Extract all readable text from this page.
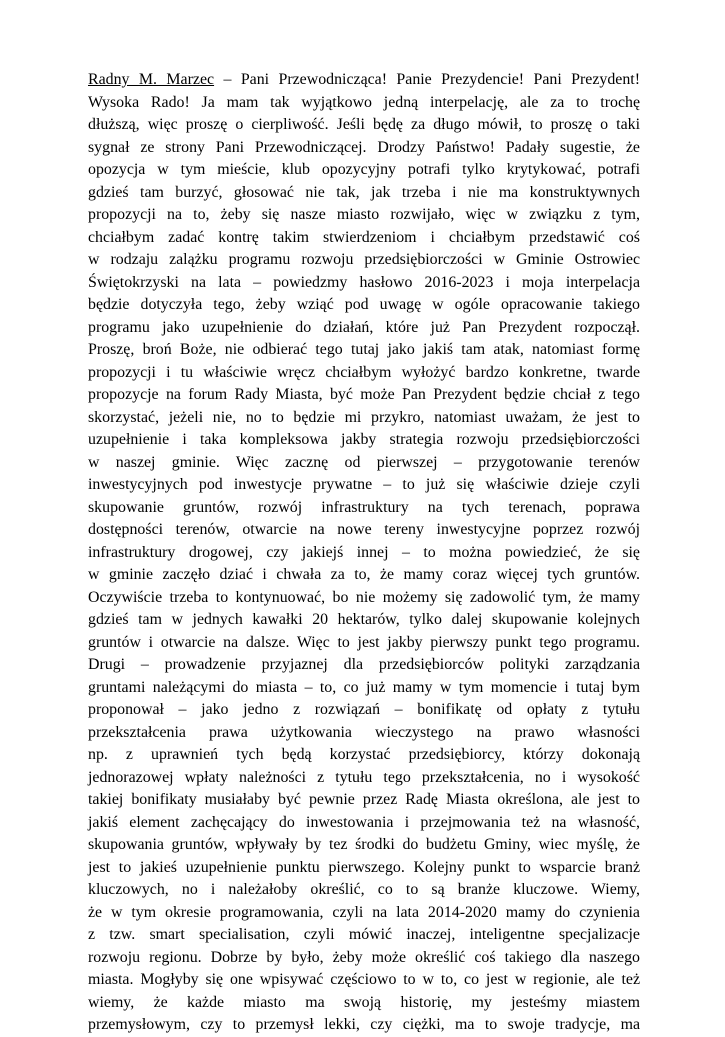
Radny M. Marzec – Pani Przewodnicząca! Panie Prezydencie! Pani Prezydent!
Wysoka Rado! Ja mam tak wyjątkowo jedną interpelację, ale za to trochę
dłuższą, więc proszę o cierpliwość. Jeśli będę za długo mówił, to proszę o taki
sygnał ze strony Pani Przewodniczącej. Drodzy Państwo! Padały sugestie, że
opozycja w tym mieście, klub opozycyjny potrafi tylko krytykować, potrafi
gdzieś tam burzyć, głosować nie tak, jak trzeba i nie ma konstruktywnych
propozycji na to, żeby się nasze miasto rozwijało, więc w związku z tym,
chciałbym zadać kontrę takim stwierdzeniom i chciałbym przedstawić coś
w rodzaju zalążku programu rozwoju przedsiębiorczości w Gminie Ostrowiec
Świętokrzyski na lata – powiedzmy hasłowo 2016-2023 i moja interpelacja
będzie dotyczyła tego, żeby wziąć pod uwagę w ogóle opracowanie takiego
programu jako uzupełnienie do działań, które już Pan Prezydent rozpoczął.
Proszę, broń Boże, nie odbierać tego tutaj jako jakiś tam atak, natomiast formę
propozycji i tu właściwie wręcz chciałbym wyłożyć bardzo konkretne, twarde
propozycje na forum Rady Miasta, być może Pan Prezydent będzie chciał z tego
skorzystać, jeżeli nie, no to będzie mi przykro, natomiast uważam, że jest to
uzupełnienie i taka kompleksowa jakby strategia rozwoju przedsiębiorczości
w naszej gminie. Więc zacznę od pierwszej – przygotowanie terenów
inwestycyjnych pod inwestycje prywatne – to już się właściwie dzieje czyli
skupowanie gruntów, rozwój infrastruktury na tych terenach, poprawa
dostępności terenów, otwarcie na nowe tereny inwestycyjne poprzez rozwój
infrastruktury drogowej, czy jakiejś innej – to można powiedzieć, że się
w gminie zaczęło dziać i chwała za to, że mamy coraz więcej tych gruntów.
Oczywiście trzeba to kontynuować, bo nie możemy się zadowolić tym, że mamy
gdzieś tam w jednych kawałki 20 hektarów, tylko dalej skupowanie kolejnych
gruntów i otwarcie na dalsze. Więc to jest jakby pierwszy punkt tego programu.
Drugi – prowadzenie przyjaznej dla przedsiębiorców polityki zarządzania
gruntami należącymi do miasta – to, co już mamy w tym momencie i tutaj bym
proponował – jako jedno z rozwiązań – bonifikatę od opłaty z tytułu
przekształcenia prawa użytkowania wieczystego na prawo własności
np. z uprawnień tych będą korzystać przedsiębiorcy, którzy dokonają
jednorazowej wpłaty należności z tytułu tego przekształcenia, no i wysokość
takiej bonifikaty musiałaby być pewnie przez Radę Miasta określona, ale jest to
jakiś element zachęcający do inwestowania i przejmowania też na własność,
skupowania gruntów, wpływały by tez środki do budżetu Gminy, wiec myślę, że
jest to jakieś uzupełnienie punktu pierwszego. Kolejny punkt to wsparcie branż
kluczowych, no i należałoby określić, co to są branże kluczowe. Wiemy,
że w tym okresie programowania, czyli na lata 2014-2020 mamy do czynienia
z tzw. smart specialisation, czyli mówić inaczej, inteligentne specjalizacje
rozwoju regionu. Dobrze by było, żeby może określić coś takiego dla naszego
miasta. Mogłyby się one wpisywać częściowo to w to, co jest w regionie, ale też
wiemy, że każde miasto ma swoją historię, my jesteśmy miastem
przemysłowym, czy to przemysł lekki, czy ciężki, ma to swoje tradycje, ma
